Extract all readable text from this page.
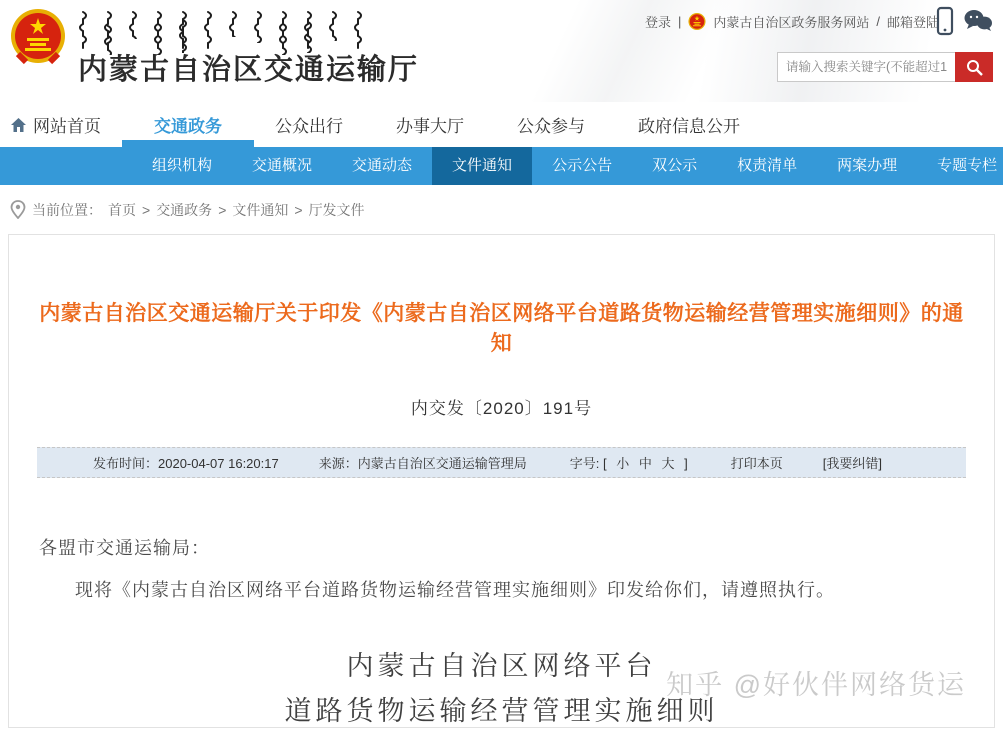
内蒙古自治区交通运输厅
登录 | 内蒙古自治区政务服务网站 / 邮箱登陆
请输入搜索关键字(不能超过15个
网站首页	交通政务	公众出行	办事大厅	公众参与	政府信息公开
组织机构	交通概况	交通动态	文件通知	公示公告	双公示	权责清单	两案办理	专题专栏
当前位置： 首页 > 交通政务 > 文件通知 > 厅发文件
内蒙古自治区交通运输厅关于印发《内蒙古自治区网络平台道路货物运输经营管理实施细则》的通知
内交发〔2020〕191号
发布时间：2020-04-07 16:20:17	来源：内蒙古自治区交通运输管理局	字号: [ 小 中 大 ]	打印本页	[我要纠错]
各盟市交通运输局：
现将《内蒙古自治区网络平台道路货物运输经营管理实施细则》印发给你们，请遵照执行。
内蒙古自治区网络平台
道路货物运输经营管理实施细则
知乎 @好伙伴网络货运
